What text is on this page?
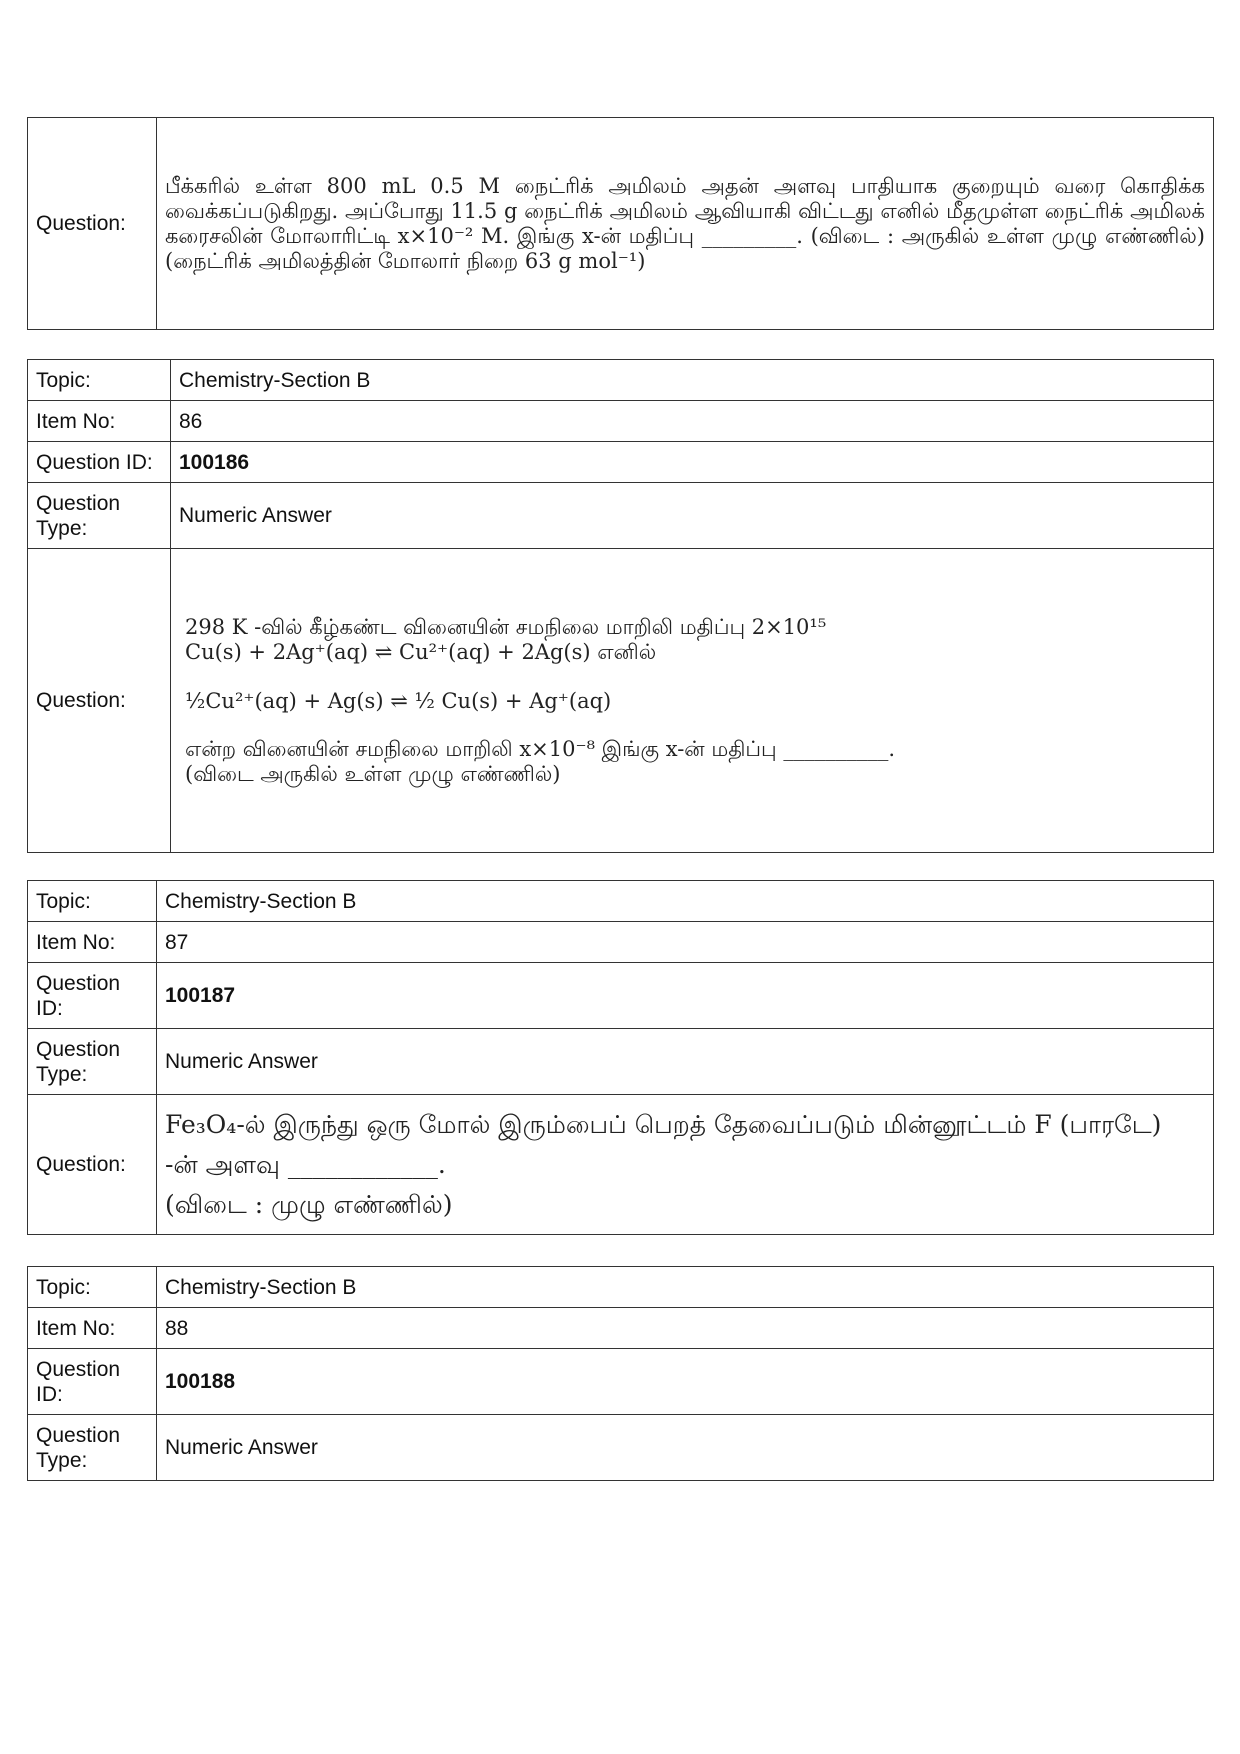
Question:	பீக்கரில் உள்ள 800 mL 0.5 M நைட்ரிக் அமிலம் அதன் அளவு பாதியாக குறையும் வரை கொதிக்க வைக்கப்படுகிறது. அப்போது 11.5 g நைட்ரிக் அமிலம் ஆவியாகி விட்டது எனில் மீதமுள்ள நைட்ரிக் அமிலக் கரைசலின் மோலாரிட்டி x×10⁻² M. இங்கு x-ன் மதிப்பு _________. (விடை : அருகில் உள்ள முழு எண்ணில்) (நைட்ரிக் அமிலத்தின் மோலார் நிறை 63 g mol⁻¹)
Topic:	Chemistry-Section B
Item No:	86
Question ID:	100186
Question Type:	Numeric Answer
Question:	298 K -வில் கீழ்கண்ட வினையின் சமநிலை மாறிலி மதிப்பு 2×10¹⁵
Cu(s) + 2Ag⁺(aq) ⇌ Cu²⁺(aq) + 2Ag(s) எனில்
½Cu²⁺(aq) + Ag(s) ⇌ ½ Cu(s) + Ag⁺(aq)
என்ற வினையின் சமநிலை மாறிலி x×10⁻⁸ இங்கு x-ன் மதிப்பு __________.
(விடை அருகில் உள்ள முழு எண்ணில்)
Topic:	Chemistry-Section B
Item No:	87
Question ID:	100187
Question Type:	Numeric Answer
Question:	Fe₃O₄-ல் இருந்து ஒரு மோல் இரும்பைப் பெறத் தேவைப்படும் மின்னூட்டம் F (பாரடே)
-ன் அளவு ____________.
(விடை : முழு எண்ணில்)
Topic:	Chemistry-Section B
Item No:	88
Question ID:	100188
Question Type:	Numeric Answer
